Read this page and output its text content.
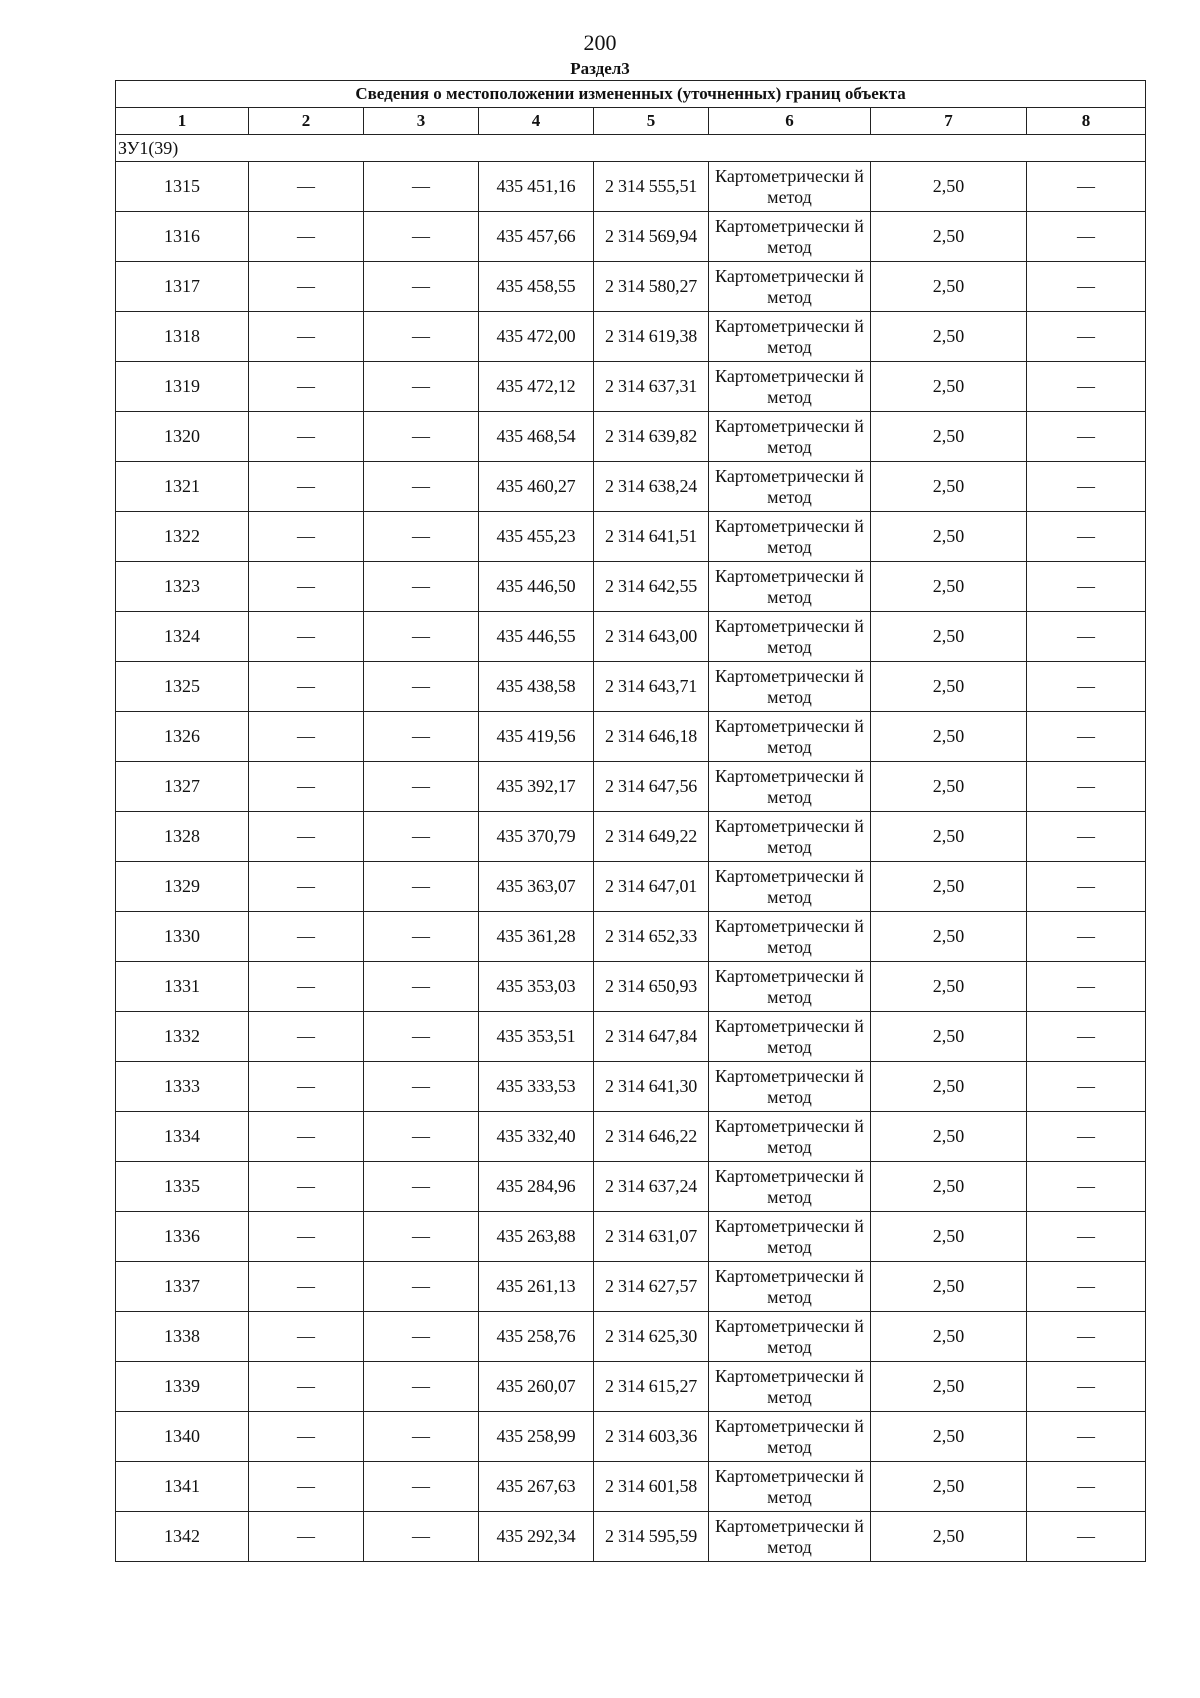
200
Раздел3
Сведения о местоположении измененных (уточненных) границ объекта							
1	2	3	4	5	6	7	8
ЗУ1(39)							
1315	—	—	435 451,16	2 314 555,51	Картометрически й метод	2,50	—
1316	—	—	435 457,66	2 314 569,94	Картометрически й метод	2,50	—
1317	—	—	435 458,55	2 314 580,27	Картометрически й метод	2,50	—
1318	—	—	435 472,00	2 314 619,38	Картометрически й метод	2,50	—
1319	—	—	435 472,12	2 314 637,31	Картометрически й метод	2,50	—
1320	—	—	435 468,54	2 314 639,82	Картометрически й метод	2,50	—
1321	—	—	435 460,27	2 314 638,24	Картометрически й метод	2,50	—
1322	—	—	435 455,23	2 314 641,51	Картометрически й метод	2,50	—
1323	—	—	435 446,50	2 314 642,55	Картометрически й метод	2,50	—
1324	—	—	435 446,55	2 314 643,00	Картометрически й метод	2,50	—
1325	—	—	435 438,58	2 314 643,71	Картометрически й метод	2,50	—
1326	—	—	435 419,56	2 314 646,18	Картометрически й метод	2,50	—
1327	—	—	435 392,17	2 314 647,56	Картометрически й метод	2,50	—
1328	—	—	435 370,79	2 314 649,22	Картометрически й метод	2,50	—
1329	—	—	435 363,07	2 314 647,01	Картометрически й метод	2,50	—
1330	—	—	435 361,28	2 314 652,33	Картометрически й метод	2,50	—
1331	—	—	435 353,03	2 314 650,93	Картометрически й метод	2,50	—
1332	—	—	435 353,51	2 314 647,84	Картометрически й метод	2,50	—
1333	—	—	435 333,53	2 314 641,30	Картометрически й метод	2,50	—
1334	—	—	435 332,40	2 314 646,22	Картометрически й метод	2,50	—
1335	—	—	435 284,96	2 314 637,24	Картометрически й метод	2,50	—
1336	—	—	435 263,88	2 314 631,07	Картометрически й метод	2,50	—
1337	—	—	435 261,13	2 314 627,57	Картометрически й метод	2,50	—
1338	—	—	435 258,76	2 314 625,30	Картометрически й метод	2,50	—
1339	—	—	435 260,07	2 314 615,27	Картометрически й метод	2,50	—
1340	—	—	435 258,99	2 314 603,36	Картометрически й метод	2,50	—
1341	—	—	435 267,63	2 314 601,58	Картометрически й метод	2,50	—
1342	—	—	435 292,34	2 314 595,59	Картометрически й метод	2,50	—
